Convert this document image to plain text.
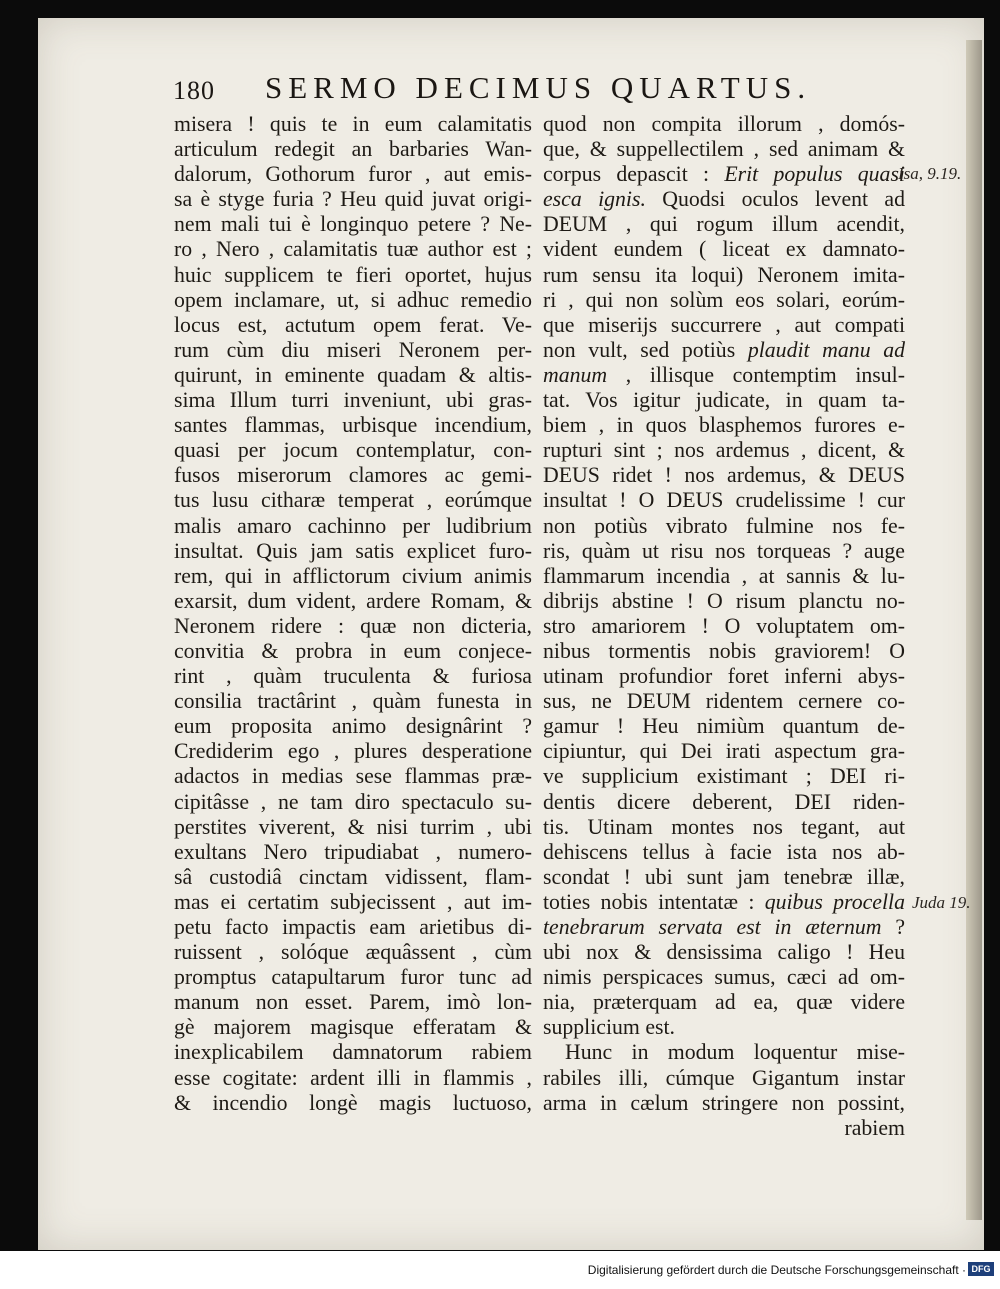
180 SERMO DECIMUS QUARTUS.
misera ! quis te in eum calamitatis
articulum redegit an barbaries Wan-
dalorum, Gothorum furor , aut emis-
sa è styge furia ? Heu quid juvat origi-
nem mali tui è longinquo petere ? Ne-
ro , Nero , calamitatis tuæ author est ;
huic supplicem te fieri oportet, hujus
opem inclamare, ut, si adhuc remedio
locus est, actutum opem ferat. Ve-
rum cùm diu miseri Neronem per-
quirunt, in eminente quadam & altis-
sima Illum turri inveniunt, ubi gras-
santes flammas, urbisque incendium,
quasi per jocum contemplatur, con-
fusos miserorum clamores ac gemi-
tus lusu citharæ temperat , eorúmque
malis amaro cachinno per ludibrium
insultat. Quis jam satis explicet furo-
rem, qui in afflictorum civium animis
exarsit, dum vident, ardere Romam, &
Neronem ridere : quæ non dicteria,
convitia & probra in eum conjece-
rint , quàm truculenta & furiosa
consilia tractârint , quàm funesta in
eum proposita animo designârint ?
Crediderim ego , plures desperatione
adactos in medias sese flammas præ-
cipitâsse , ne tam diro spectaculo su-
perstites viverent, & nisi turrim , ubi
exultans Nero tripudiabat , numero-
sâ custodiâ cinctam vidissent, flam-
mas ei certatim subjecissent , aut im-
petu facto impactis eam arietibus di-
ruissent , solóque æquâssent , cùm
promptus catapultarum furor tunc ad
manum non esset. Parem, imò lon-
gè majorem magisque efferatam &
inexplicabilem damnatorum rabiem
esse cogitate: ardent illi in flammis ,
& incendio longè magis luctuoso,
quod non compita illorum , domós-
que, & suppellectilem , sed animam &
corpus depascit : Erit populus quasi
esca ignis. Quodsi oculos levent ad
DEUM , qui rogum illum acendit,
vident eundem ( liceat ex damnato-
rum sensu ita loqui) Neronem imita-
ri , qui non solùm eos solari, eorúm-
que miserijs succurrere , aut compati
non vult, sed potiùs plaudit manu ad
manum , illisque contemptim insul-
tat. Vos igitur judicate, in quam ta-
biem , in quos blasphemos furores e-
rupturi sint ; nos ardemus , dicent, &
DEUS ridet ! nos ardemus, & DEUS
insultat ! O DEUS crudelissime ! cur
non potiùs vibrato fulmine nos fe-
ris, quàm ut risu nos torqueas ? auge
flammarum incendia , at sannis & lu-
dibrijs abstine ! O risum planctu no-
stro amariorem ! O voluptatem om-
nibus tormentis nobis graviorem! O
utinam profundior foret inferni abys-
sus, ne DEUM ridentem cernere co-
gamur ! Heu nimiùm quantum de-
cipiuntur, qui Dei irati aspectum gra-
ve supplicium existimant ; DEI ri-
dentis dicere deberent, DEI riden-
tis. Utinam montes nos tegant, aut
dehiscens tellus à facie ista nos ab-
scondat ! ubi sunt jam tenebræ illæ,
toties nobis intentatæ : quibus procella
tenebrarum servata est in æternum ?
ubi nox & densissima caligo ! Heu
nimis perspicaces sumus, cæci ad om-
nia, præterquam ad ea, quæ videre
supplicium est.
Hunc in modum loquentur mise-
rabiles illi, cúmque Gigantum instar
arma in cælum stringere non possint,
rabiem
Isa, 9.19.
Juda 19.
Digitalisierung gefördert durch die Deutsche Forschungsgemeinschaft · DFG
